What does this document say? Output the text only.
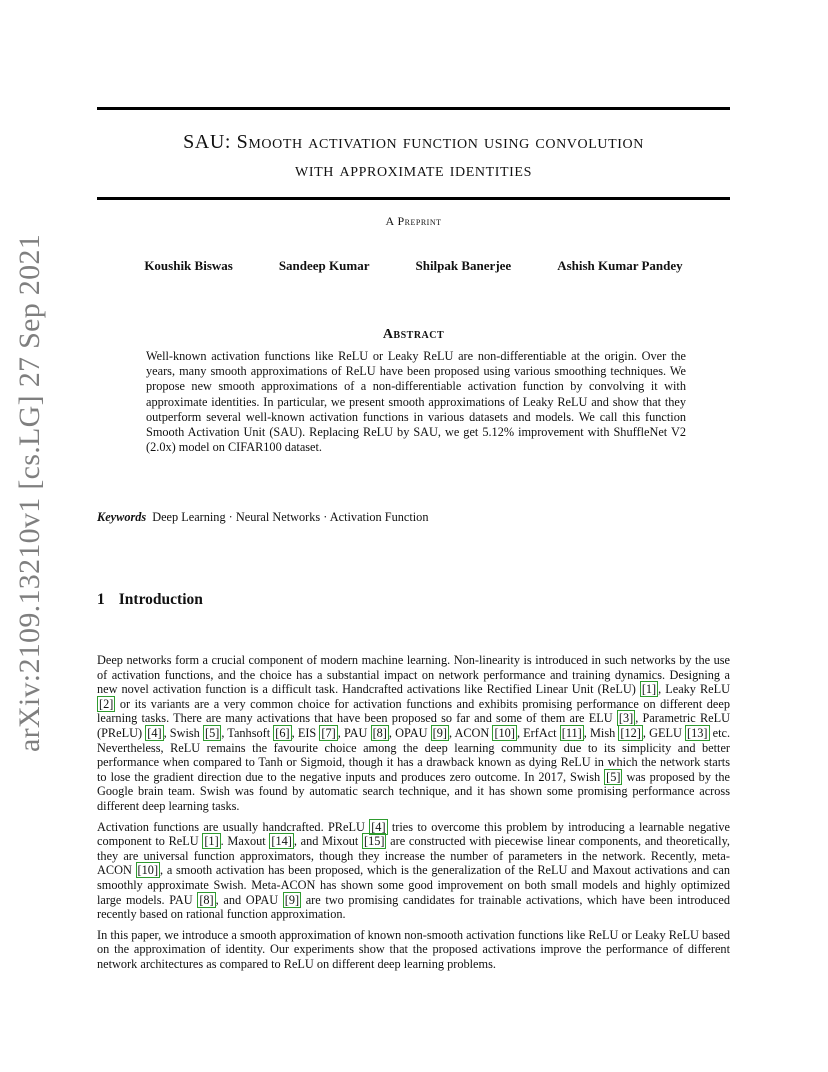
SAU: Smooth activation function using convolution
with approximate identities
A Preprint
Koushik Biswas	Sandeep Kumar	Shilpak Banerjee	Ashish Kumar Pandey
Abstract
Well-known activation functions like ReLU or Leaky ReLU are non-differentiable at the origin. Over the years, many smooth approximations of ReLU have been proposed using various smoothing techniques. We propose new smooth approximations of a non-differentiable activation function by convolving it with approximate identities. In particular, we present smooth approximations of Leaky ReLU and show that they outperform several well-known activation functions in various datasets and models. We call this function Smooth Activation Unit (SAU). Replacing ReLU by SAU, we get 5.12% improvement with ShuffleNet V2 (2.0x) model on CIFAR100 dataset.
Keywords Deep Learning · Neural Networks · Activation Function
1 Introduction

Deep networks form a crucial component of modern machine learning. Non-linearity is introduced in such networks by the use of activation functions, and the choice has a substantial impact on network performance and training dynamics. Designing a new novel activation function is a difficult task. Handcrafted activations like Rectified Linear Unit (ReLU) [1] , Leaky ReLU [2] or its variants are a very common choice for activation functions and exhibits promising performance on different deep learning tasks. There are many activations that have been proposed so far and some of them are ELU [3] , Parametric ReLU (PReLU) [4] , Swish [5] , Tanhsoft [6] , EIS [7] , PAU [8] , OPAU [9] , ACON [10] , ErfAct [11] , Mish [12] , GELU [13] etc. Nevertheless, ReLU remains the favourite choice among the deep learning community due to its simplicity and better performance when compared to Tanh or Sigmoid, though it has a drawback known as dying ReLU in which the network starts to lose the gradient direction due to the negative inputs and produces zero outcome. In 2017, Swish [5] was proposed by the Google brain team. Swish was found by automatic search technique, and it has shown some promising performance across different deep learning tasks.

Activation functions are usually handcrafted. PReLU [4] tries to overcome this problem by introducing a learnable negative component to ReLU [1] . Maxout [14] , and Mixout [15] are constructed with piecewise linear components, and theoretically, they are universal function approximators, though they increase the number of parameters in the network. Recently, meta-ACON [10] , a smooth activation has been proposed, which is the generalization of the ReLU and Maxout activations and can smoothly approximate Swish. Meta-ACON has shown some good improvement on both small models and highly optimized large models. PAU [8] , and OPAU [9] are two promising candidates for trainable activations, which have been introduced recently based on rational function approximation.

In this paper, we introduce a smooth approximation of known non-smooth activation functions like ReLU or Leaky ReLU based on the approximation of identity. Our experiments show that the proposed activations improve the performance of different network architectures as compared to ReLU on different deep learning problems.

arXiv:2109.13210v1 [cs.LG] 27 Sep 2021
